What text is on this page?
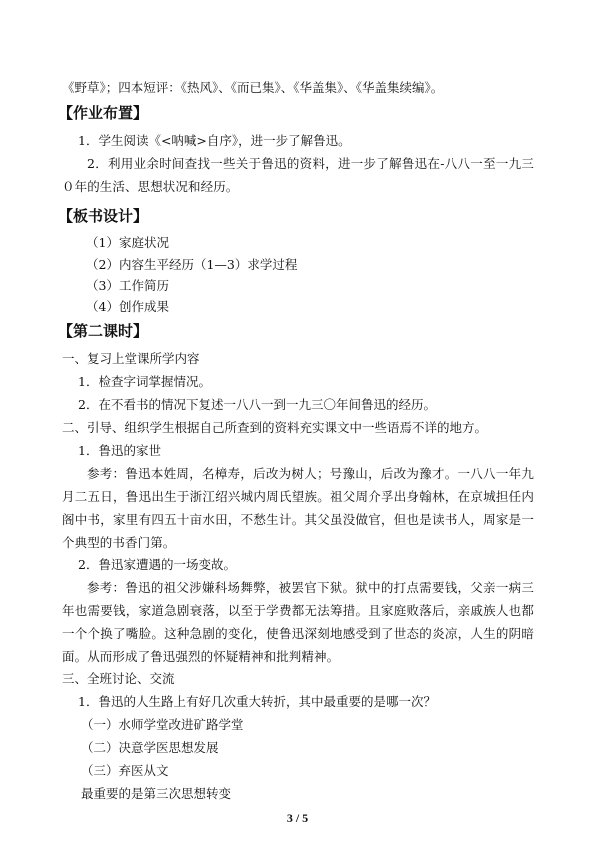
《野草》；四本短评：《热风》、《而已集》、《华盖集》、《华盖集续编》。
【作业布置】
1．学生阅读《<呐喊>自序》，进一步了解鲁迅。
2．利用业余时间查找一些关于鲁迅的资料，进一步了解鲁迅在-八八一至一九三０年的生活、思想状况和经历。
【板书设计】
（1）家庭状况
（2）内容生平经历（1—3）求学过程
（3）工作简历
（4）创作成果
【第二课时】
一、复习上堂课所学内容
1．检查字词掌握情况。
2．在不看书的情况下复述一八八一到一九三〇年间鲁迅的经历。
二、引导、组织学生根据自己所查到的资料充实课文中一些语焉不详的地方。
1．鲁迅的家世
参考：鲁迅本姓周，名樟寿，后改为树人；号豫山，后改为豫才。一八八一年九月二五日，鲁迅出生于浙江绍兴城内周氏望族。祖父周介孚出身翰林，在京城担任内阁中书，家里有四五十亩水田，不愁生计。其父虽没做官，但也是读书人，周家是一个典型的书香门第。
2．鲁迅家遭遇的一场变故。
参考：鲁迅的祖父涉嫌科场舞弊，被罢官下狱。狱中的打点需要钱，父亲一病三年也需要钱，家道急剧衰落，以至于学费都无法筹措。且家庭败落后，亲戚族人也都一个个换了嘴脸。这种急剧的变化，使鲁迅深刻地感受到了世态的炎凉，人生的阴暗面。从而形成了鲁迅强烈的怀疑精神和批判精神。
三、全班讨论、交流
1．鲁迅的人生路上有好几次重大转折，其中最重要的是哪一次？
（一）水师学堂改进矿路学堂
（二）决意学医思想发展
（三）弃医从文
最重要的是第三次思想转变
3 / 5
